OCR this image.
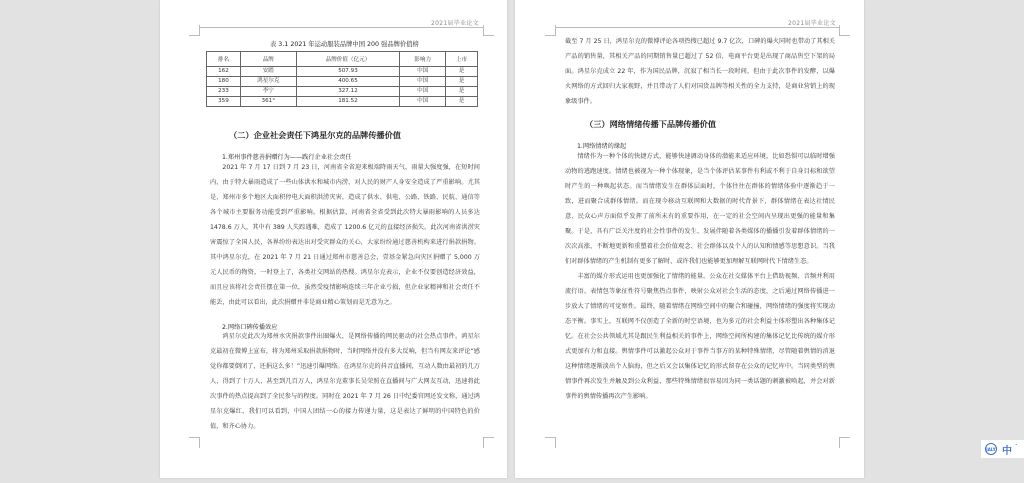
2021届毕业论文
表 3.1 2021 年运动服装品牌中国 200 强品牌价值榜
排名	品牌	品牌价值（亿元）	影响力	上市
162	安踏	507.93	中国	是
180	鸿星尔克	400.65	中国	是
233	李宁	327.12	中国	是
359	361°	181.52	中国	是
（二）企业社会责任下鸿星尔克的品牌传播价值
1.郑州事件慈善捐赠行为——践行企业社会责任

2021 年 7 月 17 日到 7 月 23 日，河南省全省迎来极端降雨天气，雨量大强度强，在短时间内，由于特大暴雨造成了一些山体洪水和城市内涝，对人民的财产人身安全造成了严重影响。尤其是，郑州市多个地区大面积停电大面积洪涝灾害，造成了供水、供电、公路、铁路、民航、通信等各个城市主要服务功能受到严重影响。根据估算，河南省全省受到此次特大暴雨影响的人员多达 1478.6 万人，其中有 389 人失踪遇难，造成了 1200.6 亿元的直接经济损失。此次河南省洪涝灾害震惊了全国人民，各界纷纷表达出对受灾群众的关心，大家纷纷通过慈善机构来进行捐款捐物。其中鸿星尔克，在 2021 年 7 月 21 日通过郑州市慈善总会，壹基金紧急向灾区捐赠了 5,000 万元人民币的物资，一时登上了，各类社交网站的热搜。鸿星尔克表示，企业不仅要创造经济效益，而且应该将社会责任摆在第一位，虽然受疫情影响连续三年企业亏损，但企业家精神和社会责任不能丢，由此可以看出，此次捐赠并非是商业精心策划而是无意为之。

2.网络口碑传播效应

鸿星尔克此次为郑州水灾捐款事件出圈爆火，是网络传播的网民驱动的社会热点事件。鸿星尔克最初在微博上宣布，将为郑州采取捐款捐物时，当时网络并没有多大反响，但当有网友来评论“感觉你都要倒闭了，还捐这么多！”迅速引爆网络。在鸿星尔克的抖音直播间，互动人数由最初的几万人，得到了十万人，甚至到几百万人，鸿星尔克董事长吴荣照在直播间与广大网友互动，迅速将此次事件的热点提高到了全民参与的程度。同时在 2021 年 7 月 26 日中纪委官网还发文称，通过鸿星尔克爆红，我们可以看到，中国人团结一心的接力传递力量，这是表达了鲜明的中国特色的价值，和齐心协力。

2021届毕业论文

截至 7 月 25 日，鸿星尔克的微博评论各项热搜已超过 9.7 亿次，口碑的爆火同时也带动了其相关产品的销售量，其相关产品的同期销售量已超过了 52 倍，电商平台更是出现了商品售空下架的局面。鸿星尔克成立 22 年，作为国民品牌，沉寂了相当长一段时间，但由于此次事件的发酵，以爆火网络的方式回归大家视野，并且带动了人们对国货品牌等相关性的全力支持，是商业营销上的现象级事件。

（三）网络情绪传播下品牌传播价值
1.网络情绪的缘起

情绪作为一种个体的快捷方式，能够快速调动身体的潜能来适应环境，比如恐惧可以临时增强动物的逃跑速度。情绪也被视为一种个体现象，是当个体评估某事件有利或不利于自身目标和欲望时产生的一种唤起状态。而当情绪发生在群体层面时，个体往往在群体的情绪体验中逐渐趋于一致，进而聚合成群体情绪。而在现今移动互联网和大数据的时代背景下，群体情绪在表达社情民意、民众心声方面似乎发挥了前所未有的重要作用，在一定的社会空间内呈现出更强的能量和集聚。于是，具有广泛关注度的社会性事件的发生、发展伴随着各类媒体的播播引发着群体情绪的一次次高涨，不断地更新和重塑着社会价值观念、社会群体以及个人的认知和情感等思想意识。当我们对群体情绪的产生机制有更多了解时，或许我们也能够更加理解互联网时代下情绪生态。

丰富的媒介形式运用也更加强化了情绪的能量。公众在社交媒体平台上借助视频、音频并利用流行语、表情包等象征性符号聚焦热点事件，映射公众对社会生活的态度，之后通过网络传播进一步放大了情绪的可觉察性。最终，随着情绪在网络空间中的聚合和碰撞，网络情绪的强度将实现动态平衡。事实上，互联网不仅创造了全新的时空语境，也为多元的社会利益主体形塑出各种集体记忆。在社会公共领域尤其是跟民生利益相关的事件上，网络空间所构建的集体记忆比传统的媒介形式更加有力和直接。舆情事件可以激起公众对于事件当事方的某种特殊情绪，尽管随着舆情的消退这种情绪逐渐淡出个人脑海，但之后又会以集体记忆的形式留存在公众的记忆库中。当同类型的舆情事件再次发生并触及到公众利益，那些特殊情绪很容易因为同一类话题的刺激被唤起，并会对新事件的舆情传播再次产生影响。

JALY 中 ˙
